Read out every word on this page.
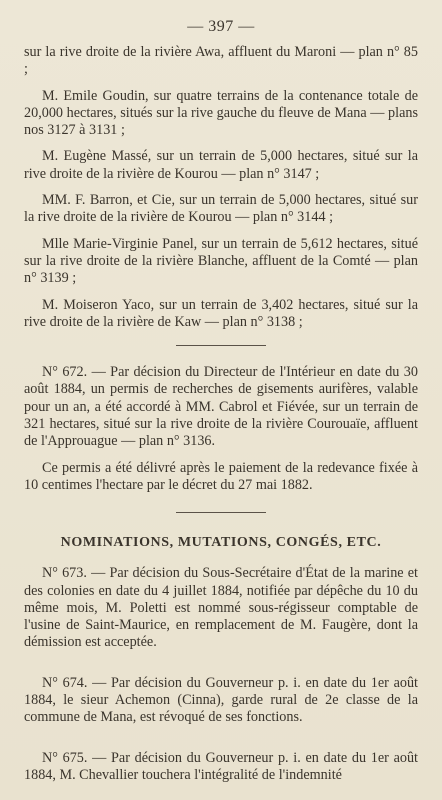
— 397 —

sur la rive droite de la rivière Awa, affluent du Maroni — plan n° 85 ;

M. Emile Goudin, sur quatre terrains de la contenance totale de 20,000 hectares, situés sur la rive gauche du fleuve de Mana — plans nos 3127 à 3131 ;

M. Eugène Massé, sur un terrain de 5,000 hectares, situé sur la rive droite de la rivière de Kourou — plan n° 3147 ;

MM. F. Barron, et Cie, sur un terrain de 5,000 hectares, situé sur la rive droite de la rivière de Kourou — plan n° 3144 ;

Mlle Marie-Virginie Panel, sur un terrain de 5,612 hectares, situé sur la rive droite de la rivière Blanche, affluent de la Comté — plan n° 3139 ;

M. Moiseron Yaco, sur un terrain de 3,402 hectares, situé sur la rive droite de la rivière de Kaw — plan n° 3138 ;

N° 672. — Par décision du Directeur de l'Intérieur en date du 30 août 1884, un permis de recherches de gisements aurifères, valable pour un an, a été accordé à MM. Cabrol et Fiévée, sur un terrain de 321 hectares, situé sur la rive droite de la rivière Courouaïe, affluent de l'Approuague — plan n° 3136.

Ce permis a été délivré après le paiement de la redevance fixée à 10 centimes l'hectare par le décret du 27 mai 1882.

NOMINATIONS, MUTATIONS, CONGÉS, ETC.

N° 673. — Par décision du Sous-Secrétaire d'État de la marine et des colonies en date du 4 juillet 1884, notifiée par dépêche du 10 du même mois, M. Poletti est nommé sous-régisseur comptable de l'usine de Saint-Maurice, en remplacement de M. Faugère, dont la démission est acceptée.

N° 674. — Par décision du Gouverneur p. i. en date du 1er août 1884, le sieur Achemon (Cinna), garde rural de 2e classe de la commune de Mana, est révoqué de ses fonctions.

N° 675. — Par décision du Gouverneur p. i. en date du 1er août 1884, M. Chevallier touchera l'intégralité de l'indemnité
